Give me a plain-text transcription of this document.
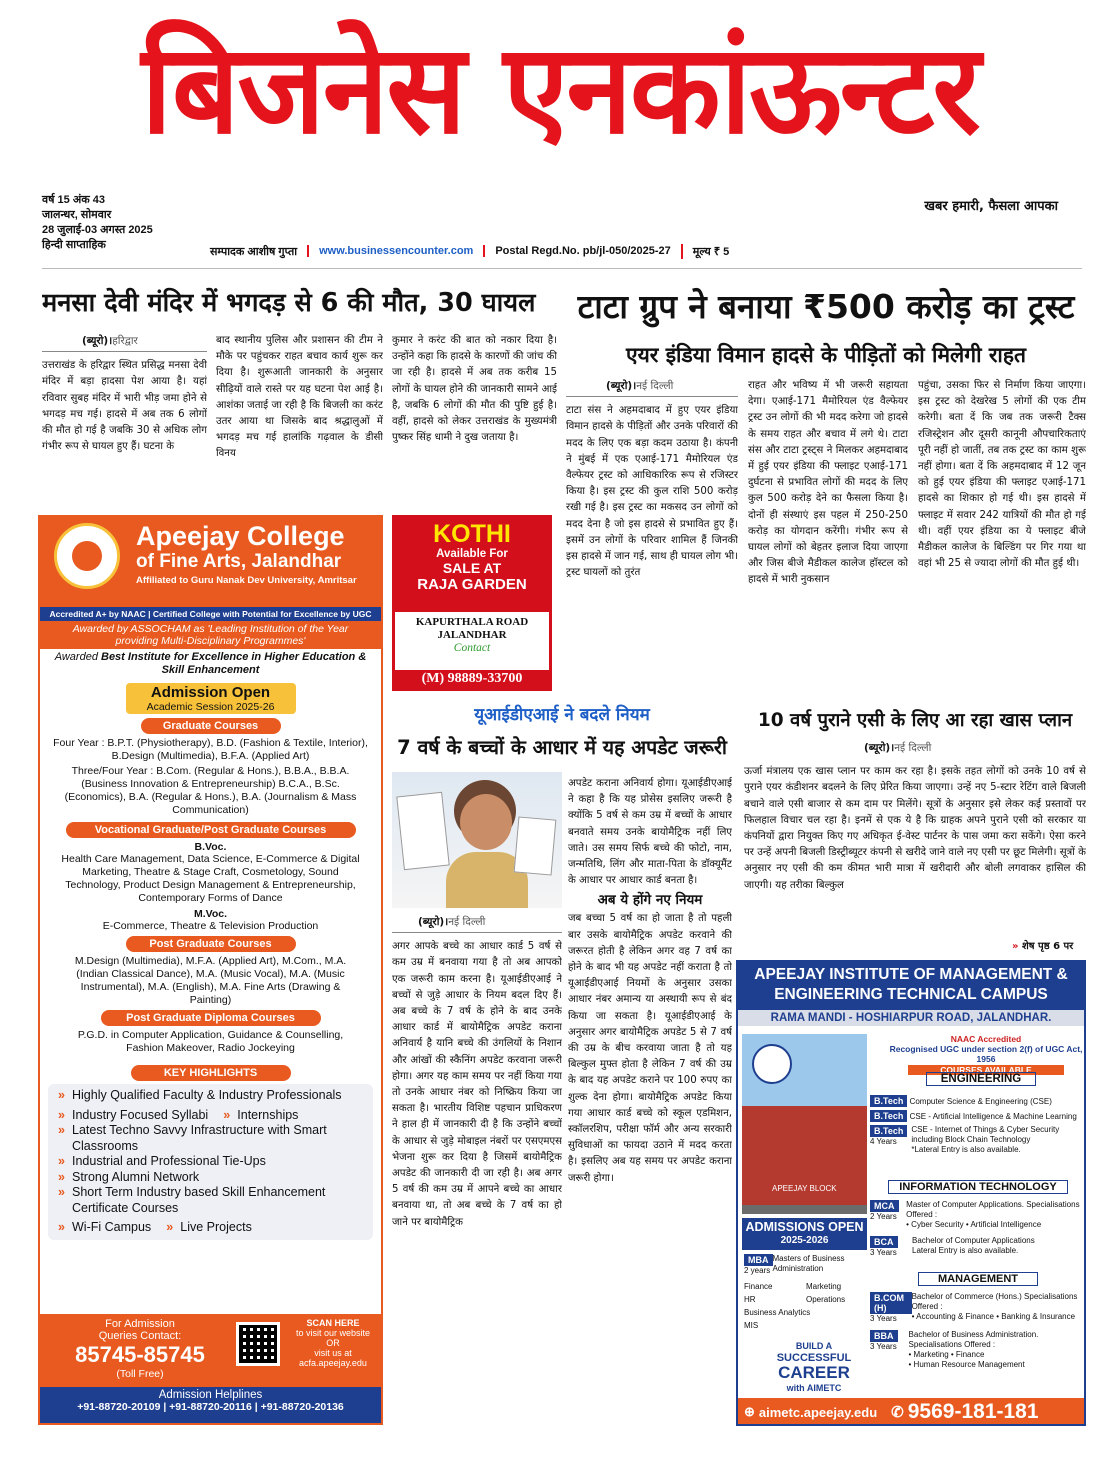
बिजनेस एनकांऊन्टर
वर्ष 15 अंक 43
जालन्धर, सोमवार
28 जुलाई-03 अगस्त 2025
हिन्दी साप्ताहिक
खबर हमारी, फैसला आपका
सम्पादक आशीष गुप्ता	www.businessencounter.com	Postal Regd.No. pb/jl-050/2025-27	मूल्य ₹ 5
मनसा देवी मंदिर में भगदड़ से 6 की मौत, 30 घायल
(ब्यूरो)।हरिद्वार
उत्तराखंड के हरिद्वार स्थित प्रसिद्ध मनसा देवी मंदिर में बड़ा हादसा पेश आया है। यहां रविवार सुबह मंदिर में भारी भीड़ जमा होने से भगदड़ मच गई। हादसे में अब तक 6 लोगों की मौत हो गई है जबकि 30 से अधिक लोग गंभीर रूप से घायल हुए हैं। घटना के
बाद स्थानीय पुलिस और प्रशासन की टीम ने मौके पर पहुंचकर राहत बचाव कार्य शुरू कर दिया है। शुरूआती जानकारी के अनुसार सीढ़ियों वाले रास्ते पर यह घटना पेश आई है। आशंका जताई जा रही है कि बिजली का करंट उतर आया था जिसके बाद श्रद्धालुओं में भगदड़ मच गई हालांकि गढ़वाल के डीसी विनय
कुमार ने करंट की बात को नकार दिया है। उन्होंने कहा कि हादसे के कारणों की जांच की जा रही है। हादसे में अब तक करीब 15 लोगों के घायल होने की जानकारी सामने आई है, जबकि 6 लोगों की मौत की पुष्टि हुई है। वहीं, हादसे को लेकर उत्तराखंड के मुख्यमंत्री पुष्कर सिंह धामी ने दुख जताया है।
टाटा ग्रुप ने बनाया ₹500 करोड़ का ट्रस्ट
एयर इंडिया विमान हादसे के पीड़ितों को मिलेगी राहत
(ब्यूरो)।नई दिल्ली
टाटा संस ने अहमदाबाद में हुए एयर इंडिया विमान हादसे के पीड़ितों और उनके परिवारों की मदद के लिए एक बड़ा कदम उठाया है। कंपनी ने मुंबई में एक एआई-171 मैमोरियल एंड वैल्फेयर ट्रस्ट को आधिकारिक रूप से रजिस्टर किया है। इस ट्रस्ट की कुल राशि 500 करोड़ रखी गई है। इस ट्रस्ट का मकसद उन लोगों को मदद देना है जो इस हादसे से प्रभावित हुए हैं। इसमें उन लोगों के परिवार शामिल हैं जिनकी इस हादसे में जान गई, साथ ही घायल लोग भी। ट्रस्ट घायलों को तुरंत
राहत और भविष्य में भी जरूरी सहायता देगा। एआई-171 मैमोरियल एंड वैल्फेयर ट्रस्ट उन लोगों की भी मदद करेगा जो हादसे के समय राहत और बचाव में लगे थे। टाटा संस और टाटा ट्रस्ट्स ने मिलकर अहमदाबाद में हुई एयर इंडिया की फ्लाइट एआई-171 दुर्घटना से प्रभावित लोगों की मदद के लिए कुल 500 करोड़ देने का फैसला किया है। दोनों ही संस्थाएं इस पहल में 250-250 करोड़ का योगदान करेंगी। गंभीर रूप से घायल लोगों को बेहतर इलाज दिया जाएगा और जिस बीजे मैडीकल कालेज हॉस्टल को हादसे में भारी नुकसान
पहुंचा, उसका फिर से निर्माण किया जाएगा। इस ट्रस्ट को देखरेख 5 लोगों की एक टीम करेगी। बता दें कि जब तक जरूरी टैक्स रजिस्ट्रेशन और दूसरी कानूनी औपचारिकताएं पूरी नहीं हो जातीं, तब तक ट्रस्ट का काम शुरू नहीं होगा। बता दें कि अहमदाबाद में 12 जून को हुई एयर इंडिया की फ्लाइट एआई-171 हादसे का शिकार हो गई थी। इस हादसे में फ्लाइट में सवार 242 यात्रियों की मौत हो गई थी। वहीं एयर इंडिया का ये फ्लाइट बीजे मैडीकल कालेज के बिल्डिंग पर गिर गया था वहां भी 25 से ज्यादा लोगों की मौत हुई थी।
Apeejay College
of Fine Arts, Jalandhar
Affiliated to Guru Nanak Dev University, Amritsar
Accredited A+ by NAAC | Certified College with Potential for Excellence by UGC
Awarded by ASSOCHAM as 'Leading Institution of the Year providing Multi-Disciplinary Programmes'
Awarded Best Institute for Excellence in Higher Education & Skill Enhancement
Admission Open
Academic Session 2025-26
Graduate Courses
Four Year : B.P.T. (Physiotherapy), B.D. (Fashion & Textile, Interior), B.Design (Multimedia), B.F.A. (Applied Art)
Three/Four Year : B.Com. (Regular & Hons.), B.B.A., B.B.A. (Business Innovation & Entrepreneurship) B.C.A., B.Sc. (Economics), B.A. (Regular & Hons.), B.A. (Journalism & Mass Communication)
Vocational Graduate/Post Graduate Courses
B.Voc.
Health Care Management, Data Science, E-Commerce & Digital Marketing, Theatre & Stage Craft, Cosmetology, Sound Technology, Product Design Management & Entrepreneurship, Contemporary Forms of Dance
M.Voc.
E-Commerce, Theatre & Television Production
Post Graduate Courses
M.Design (Multimedia), M.F.A. (Applied Art), M.Com., M.A. (Indian Classical Dance), M.A. (Music Vocal), M.A. (Music Instrumental), M.A. (English), M.A. Fine Arts (Drawing & Painting)
Post Graduate Diploma Courses
P.G.D. in Computer Application, Guidance & Counselling, Fashion Makeover, Radio Jockeying
KEY HIGHLIGHTS
» Highly Qualified Faculty & Industry Professionals
» Industry Focused Syllabi » Internships
» Latest Techno Savvy Infrastructure with Smart Classrooms
» Industrial and Professional Tie-Ups
» Strong Alumni Network
» Short Term Industry based Skill Enhancement Certificate Courses
» Wi-Fi Campus » Live Projects
For Admission
Queries Contact:
85745-85745
(Toll Free)
SCAN HERE
to visit our website
OR
visit us at
acfa.apeejay.edu
Admission Helplines
+91-88720-20109 | +91-88720-20116 | +91-88720-20136
KOTHI
Available For
SALE AT
RAJA GARDEN
KAPURTHALA ROAD
JALANDHAR
Contact
(M) 98889-33700
यूआईडीएआई ने बदले नियम
7 वर्ष के बच्चों के आधार में यह अपडेट जरूरी
(ब्यूरो)।नई दिल्ली
अगर आपके बच्चे का आधार कार्ड 5 वर्ष से कम उम्र में बनवाया गया है तो अब आपको एक जरूरी काम करना है। यूआईडीएआई ने बच्चों से जुड़े आधार के नियम बदल दिए हैं। अब बच्चे के 7 वर्ष के होने के बाद उनके आधार कार्ड में बायोमैट्रिक अपडेट कराना अनिवार्य है यानि बच्चे की उंगलियों के निशान और आंखों की स्कैनिंग अपडेट करवाना जरूरी होगा। अगर यह काम समय पर नहीं किया गया तो उनके आधार नंबर को निष्क्रिय किया जा सकता है। भारतीय विशिष्ट पहचान प्राधिकरण ने हाल ही में जानकारी दी है कि उन्होंने बच्चों के आधार से जुड़े मोबाइल नंबरों पर एसएमएस भेजना शुरू कर दिया है जिसमें बायोमैट्रिक अपडेट की जानकारी दी जा रही है। अब अगर 5 वर्ष की कम उम्र में आपने बच्चे का आधार बनवाया था, तो अब बच्चे के 7 वर्ष का हो जाने पर बायोमैट्रिक
अपडेट कराना अनिवार्य होगा। यूआईडीएआई ने कहा है कि यह प्रोसेस इसलिए जरूरी है क्योंकि 5 वर्ष से कम उम्र में बच्चों के आधार बनवाते समय उनके बायोमैट्रिक नहीं लिए जाते। उस समय सिर्फ बच्चे की फोटो, नाम, जन्मतिथि, लिंग और माता-पिता के डॉक्यूमैंट के आधार पर आधार कार्ड बनता है।
अब ये होंगे नए नियम
जब बच्चा 5 वर्ष का हो जाता है तो पहली बार उसके बायोमैट्रिक अपडेट करवाने की जरूरत होती है लेकिन अगर वह 7 वर्ष का होने के बाद भी यह अपडेट नहीं कराता है तो यूआईडीएआई नियमों के अनुसार उसका आधार नंबर अमान्य या अस्थायी रूप से बंद किया जा सकता है। यूआईडीएआई के अनुसार अगर बायोमैट्रिक अपडेट 5 से 7 वर्ष की उम्र के बीच करवाया जाता है तो यह बिल्कुल मुफ्त होता है लेकिन 7 वर्ष की उम्र के बाद यह अपडेट कराने पर 100 रुपए का शुल्क देना होगा। बायोमैट्रिक अपडेट किया गया आधार कार्ड बच्चे को स्कूल एडमिशन, स्कॉलरशिप, परीक्षा फॉर्म और अन्य सरकारी सुविधाओं का फायदा उठाने में मदद करता है। इसलिए अब यह समय पर अपडेट कराना जरूरी होगा।
10 वर्ष पुराने एसी के लिए आ रहा खास प्लान
(ब्यूरो)।नई दिल्ली
ऊर्जा मंत्रालय एक खास प्लान पर काम कर रहा है। इसके तहत लोगों को उनके 10 वर्ष से पुराने एयर कंडीशनर बदलने के लिए प्रेरित किया जाएगा। उन्हें नए 5-स्टार रेटिंग वाले बिजली बचाने वाले एसी बाजार से कम दाम पर मिलेंगे। सूत्रों के अनुसार इसे लेकर कई प्रस्तावों पर फिलहाल विचार चल रहा है। इनमें से एक ये है कि ग्राहक अपने पुराने एसी को सरकार या कंपनियों द्वारा नियुक्त किए गए अधिकृत ई-वेस्ट पार्टनर के पास जमा करा सकेंगे। ऐसा करने पर उन्हें अपनी बिजली डिस्ट्रीब्यूटर कंपनी से खरीदे जाने वाले नए एसी पर छूट मिलेगी। सूत्रों के अनुसार नए एसी की कम कीमत भारी मात्रा में खरीदारी और बोली लगवाकर हासिल की जाएगी। यह तरीका बिल्कुल
» शेष पृष्ठ 6 पर
APEEJAY INSTITUTE OF MANAGEMENT &
ENGINEERING TECHNICAL CAMPUS
RAMA MANDI - HOSHIARPUR ROAD, JALANDHAR.
NAAC Accredited
Recognised UGC under section 2(f) of UGC Act, 1956
COURSES AVAILABLE
APEEJAY BLOCK
ENGINEERING
B.Tech Computer Science & Engineering (CSE)
B.Tech CSE - Artificial Intelligence & Machine Learning
B.Tech
4 Years
CSE - Internet of Things & Cyber Security including Block Chain Technology
*Lateral Entry is also available.
INFORMATION TECHNOLOGY
MCA
2 Years
Master of Computer Applications. Specialisations Offered :
• Cyber Security • Artificial Intelligence
BCA
3 Years
Bachelor of Computer Applications
Lateral Entry is also available.
MANAGEMENT
B.COM (H)
3 Years
Bachelor of Commerce (Hons.) Specialisations Offered :
• Accounting & Finance • Banking & Insurance
BBA
3 Years
Bachelor of Business Administration. Specialisations Offered :
• Marketing • Finance
• Human Resource Management
ADMISSIONS OPEN
2025-2026
MBA
2 years
Masters of Business Administration
Finance	Marketing
HR	Operations
Business Analytics
MIS
BUILD A
SUCCESSFUL
CAREER
with AIMETC
⊕ aimetc.apeejay.edu ✆ 9569-181-181
